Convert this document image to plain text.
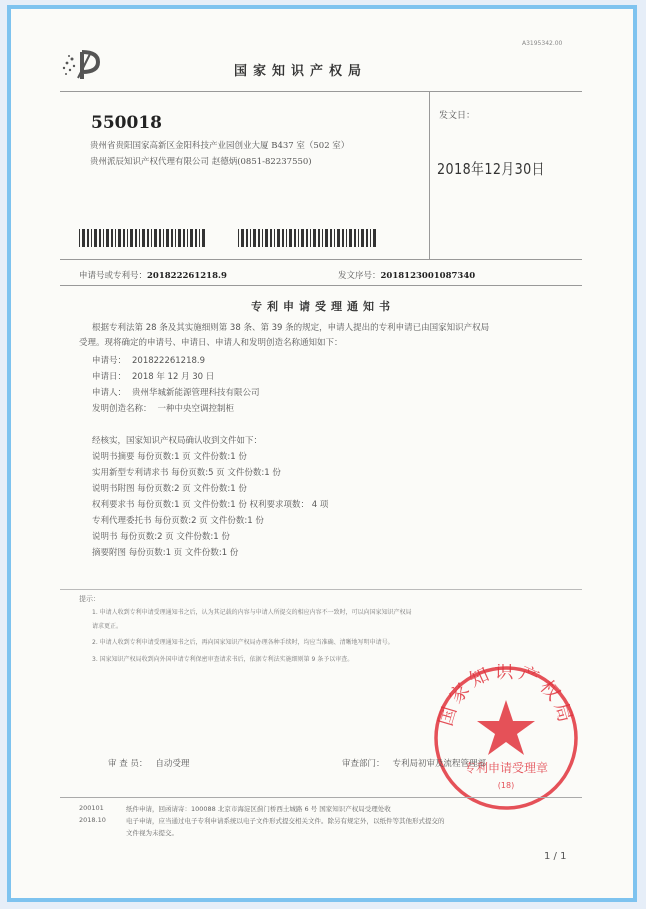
A3195342.00
国家知识产权局
550018
贵州省贵阳国家高新区金阳科技产业园创业大厦 B437 室（502 室）
贵州派辰知识产权代理有限公司 赵德炳(0851-82237550)
发文日：
2018年12月30日
申请号或专利号：201822261218.9	发文序号：2018123001087340
专利申请受理通知书
根据专利法第 28 条及其实施细则第 38 条、第 39 条的规定，申请人提出的专利申请已由国家知识产权局
受理。现将确定的申请号、申请日、申请人和发明创造名称通知如下：
申请号： 201822261218.9
申请日： 2018 年 12 月 30 日
申请人： 贵州华城新能源管理科技有限公司
发明创造名称： 一种中央空调控制柜
经核实，国家知识产权局确认收到文件如下：
说明书摘要 每份页数:1 页 文件份数:1 份
实用新型专利请求书 每份页数:5 页 文件份数:1 份
说明书附图 每份页数:2 页 文件份数:1 份
权利要求书 每份页数:1 页 文件份数:1 份 权利要求项数： 4 项
专利代理委托书 每份页数:2 页 文件份数:1 份
说明书 每份页数:2 页 文件份数:1 份
摘要附图 每份页数:1 页 文件份数:1 份
提示：
1. 申请人收到专利申请受理通知书之后，认为其记载的内容与申请人所提交的相应内容不一致时，可以向国家知识产权局
请求更正。
2. 申请人收到专利申请受理通知书之后，再向国家知识产权局办理各种手续时，均应当准确、清晰地写明申请号。
3. 国家知识产权局收到向外国申请专利保密审查请求书后，依据专利法实施细则第 9 条予以审查。
国家知识产权局
专利申请受理章
(18)
审 查 员： 自动受理	审查部门： 专利局初审及流程管理部
200101
2018.10
纸件申请，回函请寄：100088 北京市海淀区蓟门桥西土城路 6 号 国家知识产权局受理处收
电子申请，应当通过电子专利申请系统以电子文件形式提交相关文件。除另有规定外，以纸件等其他形式提交的
文件视为未提交。
1 / 1
